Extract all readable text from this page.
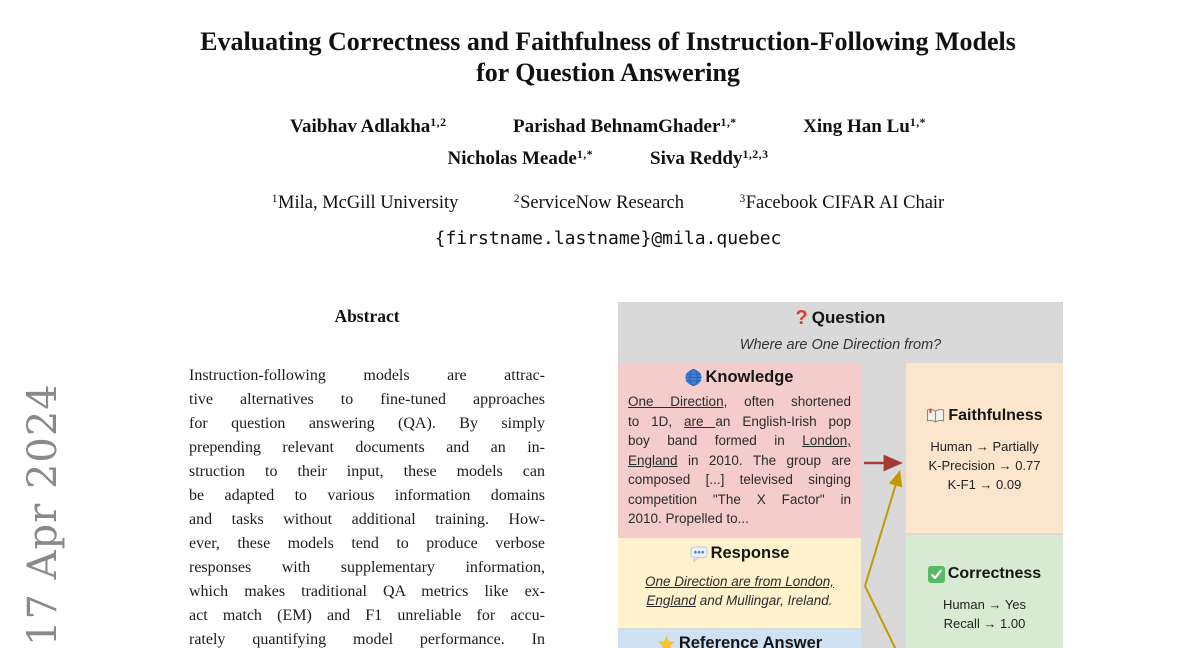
17 Apr 2024
Evaluating Correctness and Faithfulness of Instruction-Following Models
for Question Answering
Vaibhav Adlakha$^{1,2}$	Parishad BehnamGhader$^{1,*}$	Xing Han $Lu^{1,*}$
Nicholas Meade$^{1,*}$	Siva Reddy$^{1,2,3}$
$^1$Mila, McGill University	$^2$ServiceNow Research	$^3$Facebook CIFAR AI Chair
{firstname.lastname}@mila.quebec
Abstract
Instruction-following models are attrac-
tive alternatives to fine-tuned approaches
for question answering (QA). By simply
prepending relevant documents and an in-
struction to their input, these models can
be adapted to various information domains
and tasks without additional training. How-
ever, these models tend to produce verbose
responses with supplementary information,
which makes traditional QA metrics like ex-
act match (EM) and F1 unreliable for accu-
rately quantifying model performance. In
? Question
Where are One Direction from?
Knowledge
One Direction, often shortened
to 1D, are an English-Irish pop
boy band formed in London,
England in 2010. The group are
composed [...] televised singing
competition "The X Factor" in
2010. Propelled to...
Response
One Direction are from London,
England and Mullingar, Ireland.
Reference Answer
Faithfulness
Human → Partially
K-Precision → 0.77
K-F1 → 0.09
Correctness
Human → Yes
Recall → 1.00
